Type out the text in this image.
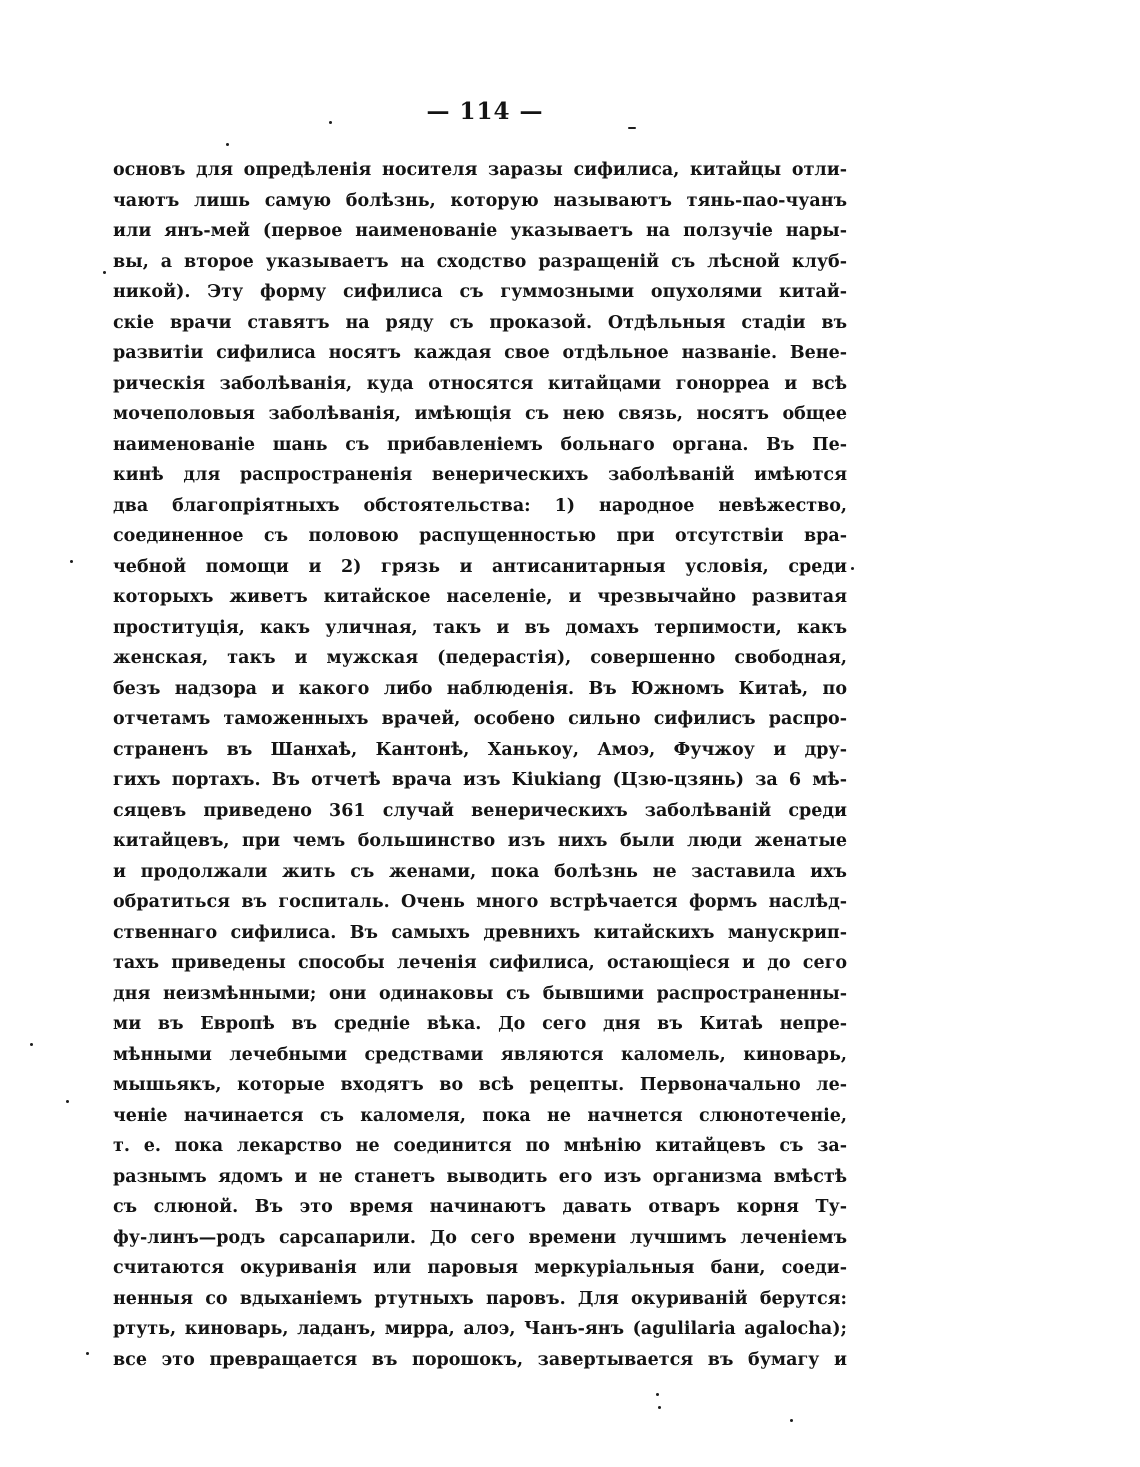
— 114 —
основъ для опредѣленія носителя заразы сифилиса, китайцы отли-
чаютъ лишь самую болѣзнь, которую называютъ тянь-пао-чуанъ
или янъ-мей (первое наименованіе указываетъ на ползучіе нары-
вы, а второе указываетъ на сходство разращеній съ лѣсной клуб-
никой). Эту форму сифилиса съ гуммозными опухолями китай-
скіе врачи ставятъ на ряду съ проказой. Отдѣльныя стадіи въ
развитіи сифилиса носятъ каждая свое отдѣльное названіе. Вене-
рическія заболѣванія, куда относятся китайцами гонорреа и всѣ
мочеполовыя заболѣванія, имѣющія съ нею связь, носятъ общее
наименованіе шань съ прибавленіемъ больнаго органа. Въ Пе-
кинѣ для распространенія венерическихъ заболѣваній имѣются
два благопріятныхъ обстоятельства: 1) народное невѣжество,
соединенное съ половою распущенностью при отсутствіи вра-
чебной помощи и 2) грязь и антисанитарныя условія, среди
которыхъ живетъ китайское населеніе, и чрезвычайно развитая
проституція, какъ уличная, такъ и въ домахъ терпимости, какъ
женская, такъ и мужская (педерастія), совершенно свободная,
безъ надзора и какого либо наблюденія. Въ Южномъ Китаѣ, по
отчетамъ таможенныхъ врачей, особено сильно сифилисъ распро-
страненъ въ Шанхаѣ, Кантонѣ, Ханькоу, Амоэ, Фучжоу и дру-
гихъ портахъ. Въ отчетѣ врача изъ Kiukiang (Цзю-цзянь) за 6 мѣ-
сяцевъ приведено 361 случай венерическихъ заболѣваній среди
китайцевъ, при чемъ большинство изъ нихъ были люди женатые
и продолжали жить съ женами, пока болѣзнь не заставила ихъ
обратиться въ госпиталь. Очень много встрѣчается формъ наслѣд-
ственнаго сифилиса. Въ самыхъ древнихъ китайскихъ манускрип-
тахъ приведены способы леченія сифилиса, остающіеся и до сего
дня неизмѣнными; они одинаковы съ бывшими распространенны-
ми въ Европѣ въ средніе вѣка. До сего дня въ Китаѣ непре-
мѣнными лечебными средствами являются каломель, киноварь,
мышьякъ, которые входятъ во всѣ рецепты. Первоначально ле-
ченіе начинается съ каломеля, пока не начнется слюнотеченіе,
т. е. пока лекарство не соединится по мнѣнію китайцевъ съ за-
разнымъ ядомъ и не станетъ выводить его изъ организма вмѣстѣ
съ слюной. Въ это время начинаютъ давать отваръ корня Ту-
фу-линъ—родъ сарсапарили. До сего времени лучшимъ леченіемъ
считаются окуриванія или паровыя меркуріальныя бани, соеди-
ненныя со вдыханіемъ ртутныхъ паровъ. Для окуриваній берутся:
ртуть, киноварь, ладанъ, мирра, алоэ, Чанъ-янъ (agulilaria agalocha);
все это превращается въ порошокъ, завертывается въ бумагу и
